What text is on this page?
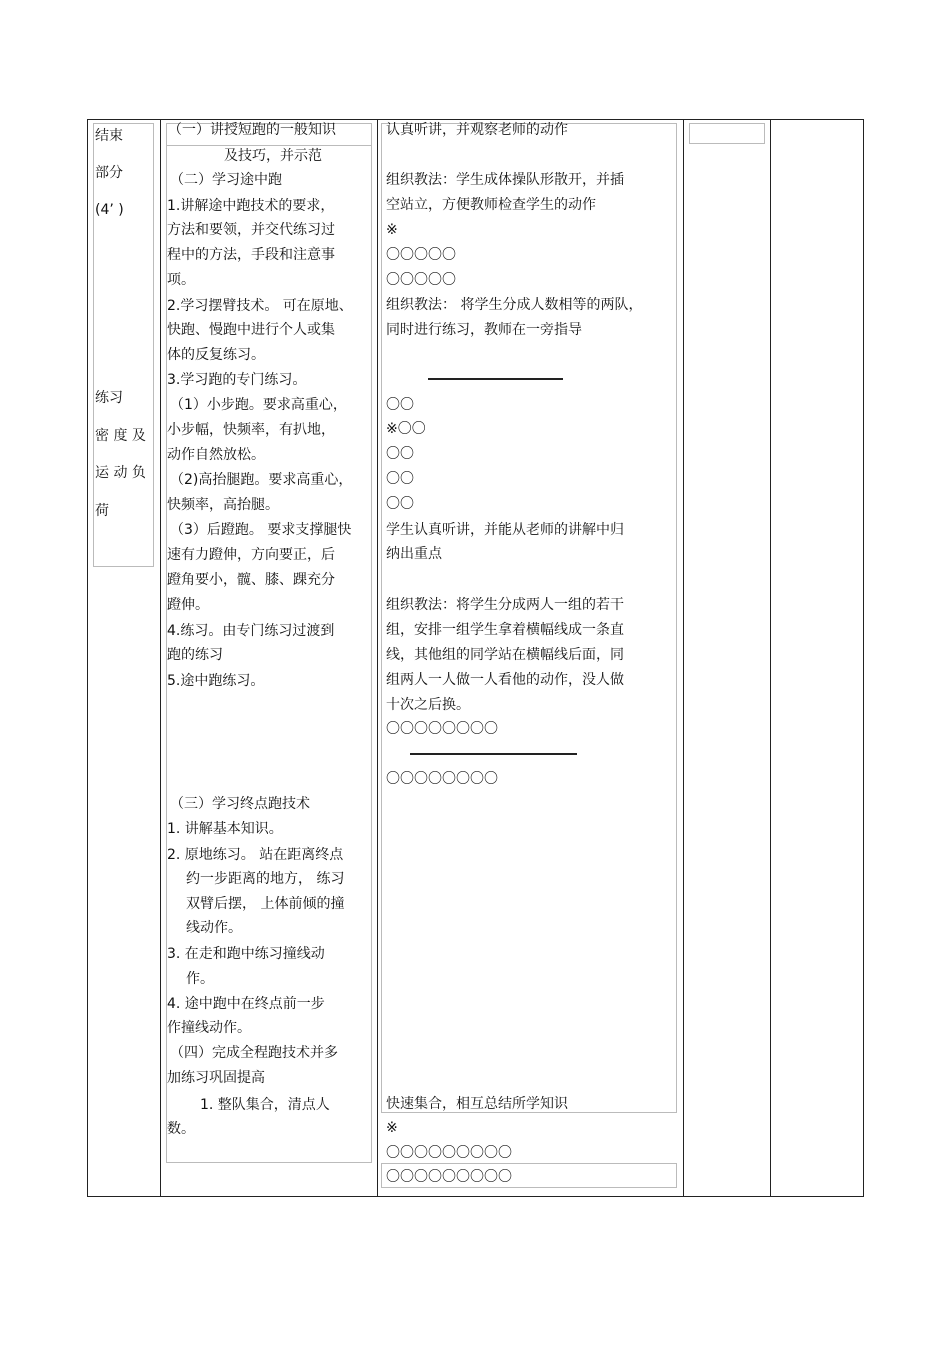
结束
部分
(4’ )
练习
密 度 及
运 动 负
荷
（一）讲授短跑的一般知识
及技巧，并示范
（二）学习途中跑
1.讲解途中跑技术的要求，
方法和要领，并交代练习过
程中的方法，手段和注意事
项。
2.学习摆臂技术。 可在原地、
快跑、慢跑中进行个人或集
体的反复练习。
3.学习跑的专门练习。
（1）小步跑。要求高重心，
小步幅，快频率，有扒地，
动作自然放松。
（2)高抬腿跑。要求高重心，
快频率，高抬腿。
（3）后蹬跑。 要求支撑腿快
速有力蹬伸，方向要正，后
蹬角要小，髋、膝、踝充分
蹬伸。
4.练习。由专门练习过渡到
跑的练习
5.途中跑练习。
（三）学习终点跑技术
1. 讲解基本知识。
2. 原地练习。 站在距离终点
约一步距离的地方， 练习
双臂后摆， 上体前倾的撞
线动作。
3. 在走和跑中练习撞线动
作。
4. 途中跑中在终点前一步
作撞线动作。
（四）完成全程跑技术并多
加练习巩固提高
1. 整队集合，清点人
数。
认真听讲，并观察老师的动作
组织教法：学生成体操队形散开，并插
空站立，方便教师检查学生的动作
※
〇〇〇〇〇
〇〇〇〇〇
组织教法： 将学生分成人数相等的两队，
同时进行练习，教师在一旁指导
〇〇
※〇〇
〇〇
〇〇
〇〇
学生认真听讲，并能从老师的讲解中归
纳出重点
组织教法：将学生分成两人一组的若干
组，安排一组学生拿着横幅线成一条直
线，其他组的同学站在横幅线后面，同
组两人一人做一人看他的动作，没人做
十次之后换。
〇〇〇〇〇〇〇〇
〇〇〇〇〇〇〇〇
快速集合，相互总结所学知识
※
〇〇〇〇〇〇〇〇〇
〇〇〇〇〇〇〇〇〇
